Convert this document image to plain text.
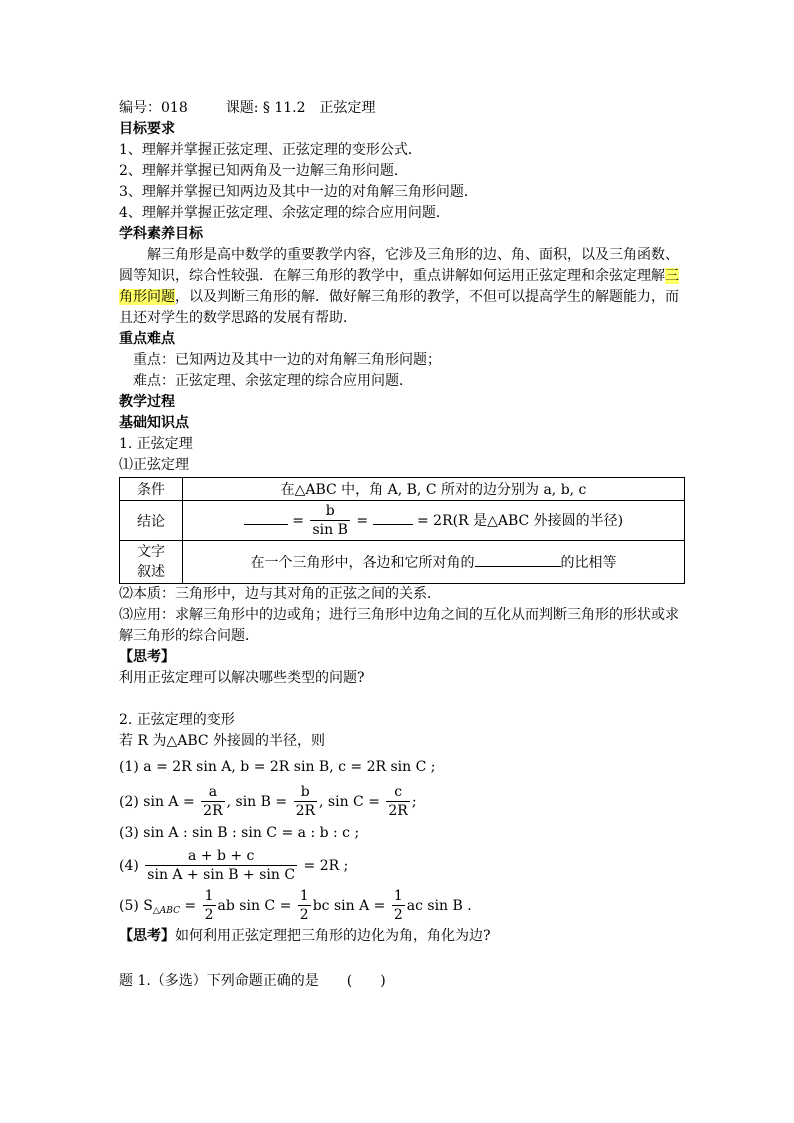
编号：018	课题: § 11.2　正弦定理
目标要求
1、理解并掌握正弦定理、正弦定理的变形公式．
2、理解并掌握已知两角及一边解三角形问题．
3、理解并掌握已知两边及其中一边的对角解三角形问题．
4、理解并掌握正弦定理、余弦定理的综合应用问题．
学科素养目标
解三角形是高中数学的重要教学内容，它涉及三角形的边、角、面积，以及三角函数、圆等知识，综合性较强．在解三角形的教学中，重点讲解如何运用正弦定理和余弦定理解三角形问题，以及判断三角形的解．做好解三角形的教学，不但可以提高学生的解题能力，而且还对学生的数学思路的发展有帮助．
重点难点
重点：已知两边及其中一边的对角解三角形问题；
难点：正弦定理、余弦定理的综合应用问题．
教学过程
基础知识点
1. 正弦定理
⑴正弦定理
条件	在△ABC 中，角 A, B, C 所对的边分别为 a, b, c
结论	= $\frac{b}{\text{sin B}}$ = = 2R(R 是△ABC 外接圆的半径)
文字
叙述	在一个三角形中，各边和它所对角的 的比相等
⑵本质：三角形中，边与其对角的正弦之间的关系．
⑶应用：求解三角形中的边或角；进行三角形中边角之间的互化从而判断三角形的形状或求
解三角形的综合问题．
【思考】
利用正弦定理可以解决哪些类型的问题?

2. 正弦定理的变形
若 R 为△ABC 外接圆的半径，则
(1) a = 2R sin A, b = 2R sin B, c = 2R sin C ;
(2) $\sin A = \frac{a}{2R}$ , $\sin B = \frac{b}{2R}$ , $\sin C = \frac{c}{2R}$ ;
(3) sin A : sin B : sin C = a : b : c ;
$(4) \frac{a + b + c}{\text{sin A + sin B + sin C}} = 2R$ ;
(5) $S_{\triangle ABC} = \frac{1}{2}$ ab $\sin C = \frac{1}{2}$ bc $\sin A = \frac{1}{2}$ ac sin B .
【思考】如何利用正弦定理把三角形的边化为角，角化为边?
题 1.（多选）下列命题正确的是　　(　　)
